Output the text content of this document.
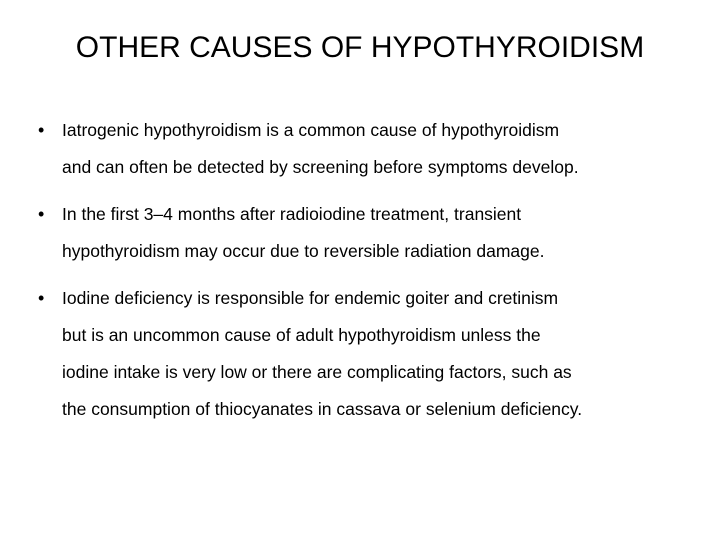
OTHER CAUSES OF HYPOTHYROIDISM
• Iatrogenic hypothyroidism is a common cause of hypothyroidism
and can often be detected by screening before symptoms develop.
• In the first 3–4 months after radioiodine treatment, transient
hypothyroidism may occur due to reversible radiation damage.
• Iodine deficiency is responsible for endemic goiter and cretinism
but is an uncommon cause of adult hypothyroidism unless the
iodine intake is very low or there are complicating factors, such as
the consumption of thiocyanates in cassava or selenium deficiency.
